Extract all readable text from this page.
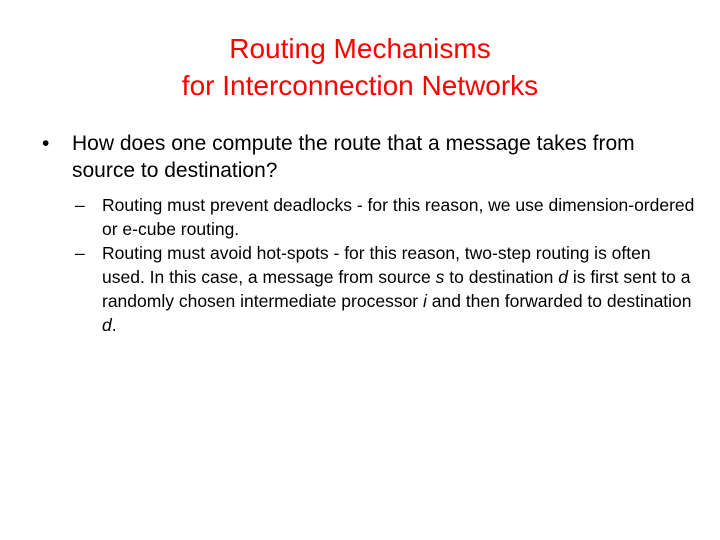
Routing Mechanisms
for Interconnection Networks
• How does one compute the route that a message takes from source to destination?
– Routing must prevent deadlocks - for this reason, we use dimension-ordered or e-cube routing.
– Routing must avoid hot-spots - for this reason, two-step routing is often used. In this case, a message from source s to destination d is first sent to a randomly chosen intermediate processor i and then forwarded to destination d.
